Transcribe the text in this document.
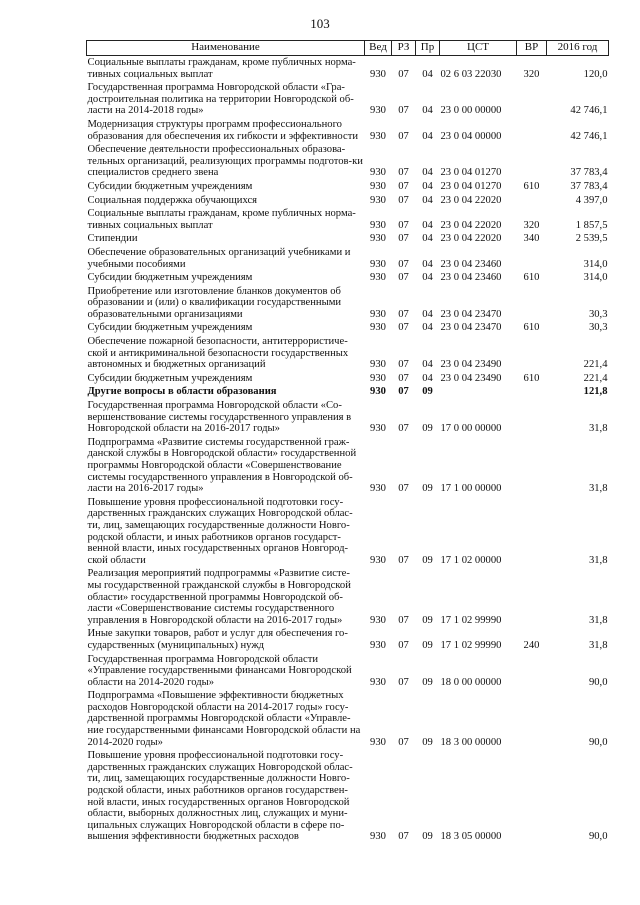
103
Наименование	Вед	РЗ	Пр	ЦСТ	ВР	2016 год
Социальные выплаты гражданам, кроме публичных норма-тивных социальных выплат	930	07	04	02 6 03 22030	320	120,0
Государственная программа Новгородской области «Гра-достроительная политика на территории Новгородской об-ласти на 2014-2018 годы»	930	07	04	23 0 00 00000		42 746,1
Модернизация структуры программ профессионального образования для обеспечения их гибкости и эффективности	930	07	04	23 0 04 00000		42 746,1
Обеспечение деятельности профессиональных образова-тельных организаций, реализующих программы подготов-ки специалистов среднего звена	930	07	04	23 0 04 01270		37 783,4
Субсидии бюджетным учреждениям	930	07	04	23 0 04 01270	610	37 783,4
Социальная поддержка обучающихся	930	07	04	23 0 04 22020		4 397,0
Социальные выплаты гражданам, кроме публичных норма-тивных социальных выплат	930	07	04	23 0 04 22020	320	1 857,5
Стипендии	930	07	04	23 0 04 22020	340	2 539,5
Обеспечение образовательных организаций учебниками и учебными пособиями	930	07	04	23 0 04 23460		314,0
Субсидии бюджетным учреждениям	930	07	04	23 0 04 23460	610	314,0
Приобретение или изготовление бланков документов об образовании и (или) о квалификации государственными образовательными организациями	930	07	04	23 0 04 23470		30,3
Субсидии бюджетным учреждениям	930	07	04	23 0 04 23470	610	30,3
Обеспечение пожарной безопасности, антитеррористиче-ской и антикриминальной безопасности государственных автономных и бюджетных организаций	930	07	04	23 0 04 23490		221,4
Субсидии бюджетным учреждениям	930	07	04	23 0 04 23490	610	221,4
Другие вопросы в области образования	930	07	09			121,8
Государственная программа Новгородской области «Со-вершенствование системы государственного управления в Новгородской области на 2016-2017 годы»	930	07	09	17 0 00 00000		31,8
Подпрограмма «Развитие системы государственной граж-данской службы в Новгородской области» государственной программы Новгородской области «Совершенствование системы государственного управления в Новгородской об-ласти на 2016-2017 годы»	930	07	09	17 1 00 00000		31,8
Повышение уровня профессиональной подготовки госу-дарственных гражданских служащих Новгородской облас-ти, лиц, замещающих государственные должности Новго-родской области, и иных работников органов государст-венной власти, иных государственных органов Новгород-ской области	930	07	09	17 1 02 00000		31,8
Реализация мероприятий подпрограммы «Развитие систе-мы государственной гражданской службы в Новгородской области» государственной программы Новгородской об-ласти «Совершенствование системы государственного управления в Новгородской области на 2016-2017 годы»	930	07	09	17 1 02 99990		31,8
Иные закупки товаров, работ и услуг для обеспечения го-сударственных (муниципальных) нужд	930	07	09	17 1 02 99990	240	31,8
Государственная программа Новгородской области «Управление государственными финансами Новгородской области на 2014-2020 годы»	930	07	09	18 0 00 00000		90,0
Подпрограмма «Повышение эффективности бюджетных расходов Новгородской области на 2014-2017 годы» госу-дарственной программы Новгородской области «Управле-ние государственными финансами Новгородской области на 2014-2020 годы»	930	07	09	18 3 00 00000		90,0
Повышение уровня профессиональной подготовки госу-дарственных гражданских служащих Новгородской облас-ти, лиц, замещающих государственные должности Новго-родской области, иных работников органов государствен-ной власти, иных государственных органов Новгородской области, выборных должностных лиц, служащих и муни-ципальных служащих Новгородской области в сфере по-вышения эффективности бюджетных расходов	930	07	09	18 3 05 00000		90,0
